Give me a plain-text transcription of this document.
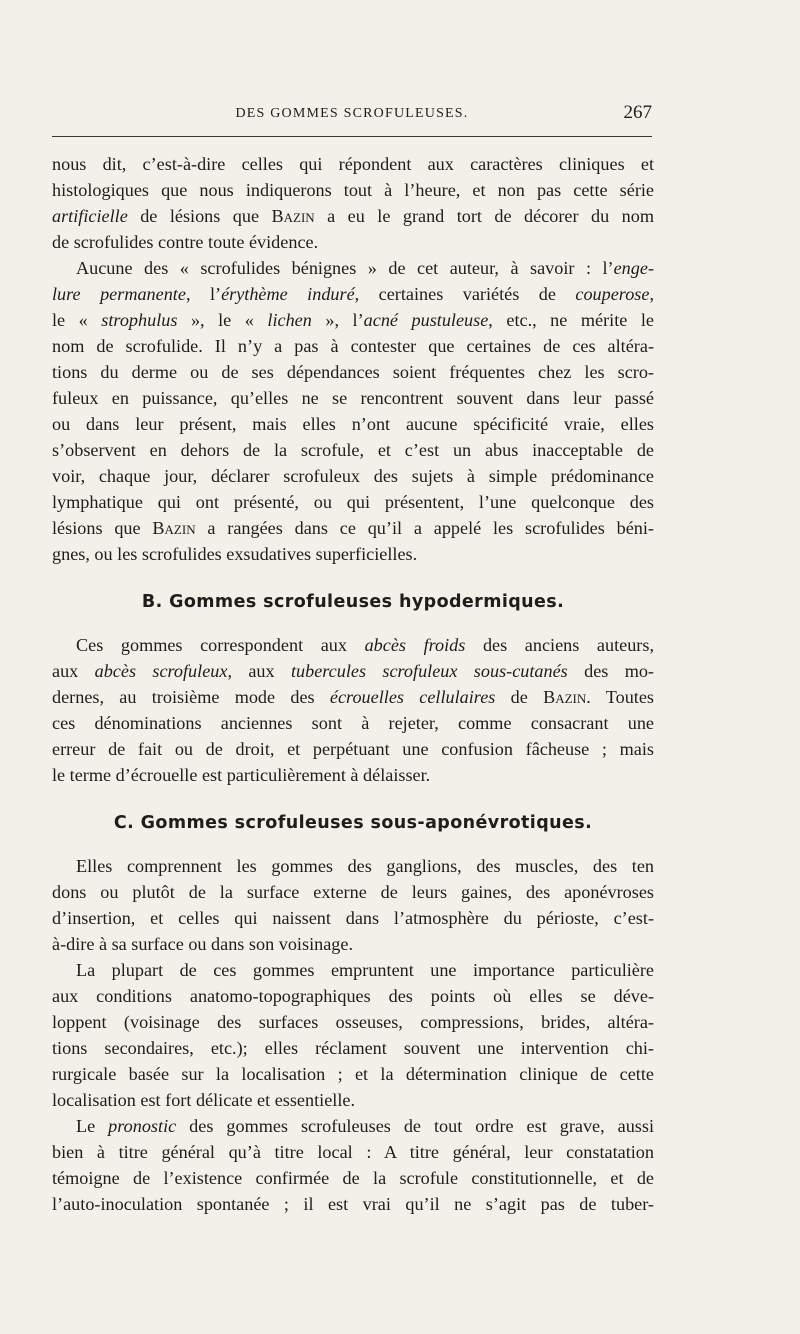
DES GOMMES SCROFULEUSES.	267

nous dit, c’est-à-dire celles qui répondent aux caractères cliniques et
histologiques que nous indiquerons tout à l’heure, et non pas cette série
artificielle de lésions que Bazin a eu le grand tort de décorer du nom
de scrofulides contre toute évidence.

Aucune des « scrofulides bénignes » de cet auteur, à savoir : l’enge-
lure permanente, l’érythème induré, certaines variétés de couperose,
le « strophulus », le « lichen », l’acné pustuleuse, etc., ne mérite le
nom de scrofulide. Il n’y a pas à contester que certaines de ces altéra-
tions du derme ou de ses dépendances soient fréquentes chez les scro-
fuleux en puissance, qu’elles ne se rencontrent souvent dans leur passé
ou dans leur présent, mais elles n’ont aucune spécificité vraie, elles
s’observent en dehors de la scrofule, et c’est un abus inacceptable de
voir, chaque jour, déclarer scrofuleux des sujets à simple prédominance
lymphatique qui ont présenté, ou qui présentent, l’une quelconque des
lésions que Bazin a rangées dans ce qu’il a appelé les scrofulides béni-
gnes, ou les scrofulides exsudatives superficielles.

B. Gommes scrofuleuses hypodermiques.

Ces gommes correspondent aux abcès froids des anciens auteurs,
aux abcès scrofuleux, aux tubercules scrofuleux sous-cutanés des mo-
dernes, au troisième mode des écrouelles cellulaires de Bazin. Toutes
ces dénominations anciennes sont à rejeter, comme consacrant une
erreur de fait ou de droit, et perpétuant une confusion fâcheuse ; mais
le terme d’écrouelle est particulièrement à délaisser.

C. Gommes scrofuleuses sous-aponévrotiques.

Elles comprennent les gommes des ganglions, des muscles, des ten
dons ou plutôt de la surface externe de leurs gaines, des aponévroses
d’insertion, et celles qui naissent dans l’atmosphère du périoste, c’est-
à-dire à sa surface ou dans son voisinage.

La plupart de ces gommes empruntent une importance particulière
aux conditions anatomo-topographiques des points où elles se déve-
loppent (voisinage des surfaces osseuses, compressions, brides, altéra-
tions secondaires, etc.); elles réclament souvent une intervention chi-
rurgicale basée sur la localisation ; et la détermination clinique de cette
localisation est fort délicate et essentielle.

Le pronostic des gommes scrofuleuses de tout ordre est grave, aussi
bien à titre général qu’à titre local : A titre général, leur constatation
témoigne de l’existence confirmée de la scrofule constitutionnelle, et de
l’auto-inoculation spontanée ; il est vrai qu’il ne s’agit pas de tuber-
